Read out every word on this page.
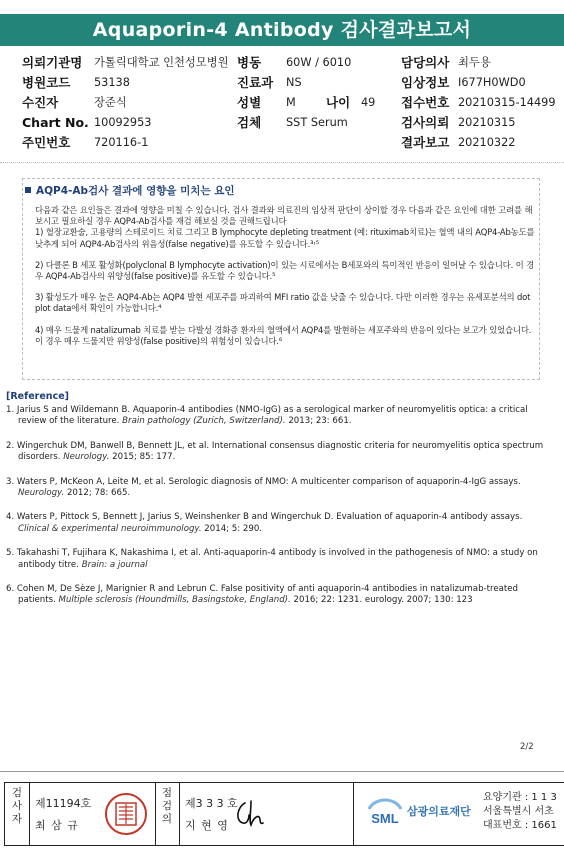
Aquaporin-4 Antibody 검사결과보고서
의뢰기관명 가톨릭대학교 인천성모병원 병동 60W / 6010	담당의사 최두용
병원코드 53138	진료과 NS	임상정보 I677H0WD0
수진자	장준식	성별 M 나이 49 접수번호 20210315-14499
Chart No. 10092953	검체 SST Serum	검사의뢰 20210315
주민번호 720116-1	결과보고 20210322
AQP4-Ab검사 결과에 영향을 미치는 요인

다음과 같은 요인들은 결과에 영향을 미칠 수 있습니다. 검사 결과와 의료진의 임상적 판단이 상이할 경우 다음과 같은 요인에 대한 고려를 해 보시고 필요하실 경우 AQP4-Ab검사를 재검 해보실 것을 권해드립니다

1) 혈장교환술, 고용량의 스테로이드 치료 그리고 B lymphocyte depleting treatment (예: rituximab치료)는 혈액 내의 AQP4-Ab농도를 낮추게 되어 AQP4-Ab검사의 위음성(false negative)를 유도할 수 있습니다.³˒⁵

2) 다클론 B 세포 활성화(polyclonal B lymphocyte activation)이 있는 시료에서는 B세포와의 특이적인 반응이 일어날 수 있습니다. 이 경우 AQP4-Ab검사의 위양성(false positive)를 유도할 수 있습니다.⁵

3) 활성도가 매우 높은 AQP4-Ab는 AQP4 발현 세포주를 파괴하여 MFI ratio 값을 낮출 수 있습니다. 다만 이러한 경우는 유세포분석의 dot plot data에서 확인이 가능합니다.⁴

4) 매우 드물게 natalizumab 치료를 받는 다발성 경화증 환자의 혈액에서 AQP4를 발현하는 세포주와의 반응이 있다는 보고가 있었습니다. 이 경우 매우 드물지만 위양성(false positive)의 위험성이 있습니다.⁶

[Reference]
1. Jarius S and Wildemann B. Aquaporin-4 antibodies (NMO-IgG) as a serological marker of neuromyelitis optica: a critical review of the literature. Brain pathology (Zurich, Switzerland). 2013; 23: 661.
2. Wingerchuk DM, Banwell B, Bennett JL, et al. International consensus diagnostic criteria for neuromyelitis optica spectrum disorders. Neurology. 2015; 85: 177.
3. Waters P, McKeon A, Leite M, et al. Serologic diagnosis of NMO: A multicenter comparison of aquaporin-4-IgG assays. Neurology. 2012; 78: 665.
4. Waters P, Pittock S, Bennett J, Jarius S, Weinshenker B and Wingerchuk D. Evaluation of aquaporin-4 antibody assays. Clinical & experimental neuroimmunology. 2014; 5: 290.
5. Takahashi T, Fujihara K, Nakashima I, et al. Anti-aquaporin-4 antibody is involved in the pathogenesis of NMO: a study on antibody titre. Brain: a journal
6. Cohen M, De Sèze J, Marignier R and Lebrun C. False positivity of anti aquaporin-4 antibodies in natalizumab-treated patients. Multiple sclerosis (Houndmills, Basingstoke, England). 2016; 22: 1231. eurology. 2007; 130: 123
2/2
검사자
제11194호
최 삼 규
점검의
제3 3 3 호
지 현 영	SML 삼광의료재단
요양기관 : 1 1 3
서울특별시 서초
대표번호 : 1661
